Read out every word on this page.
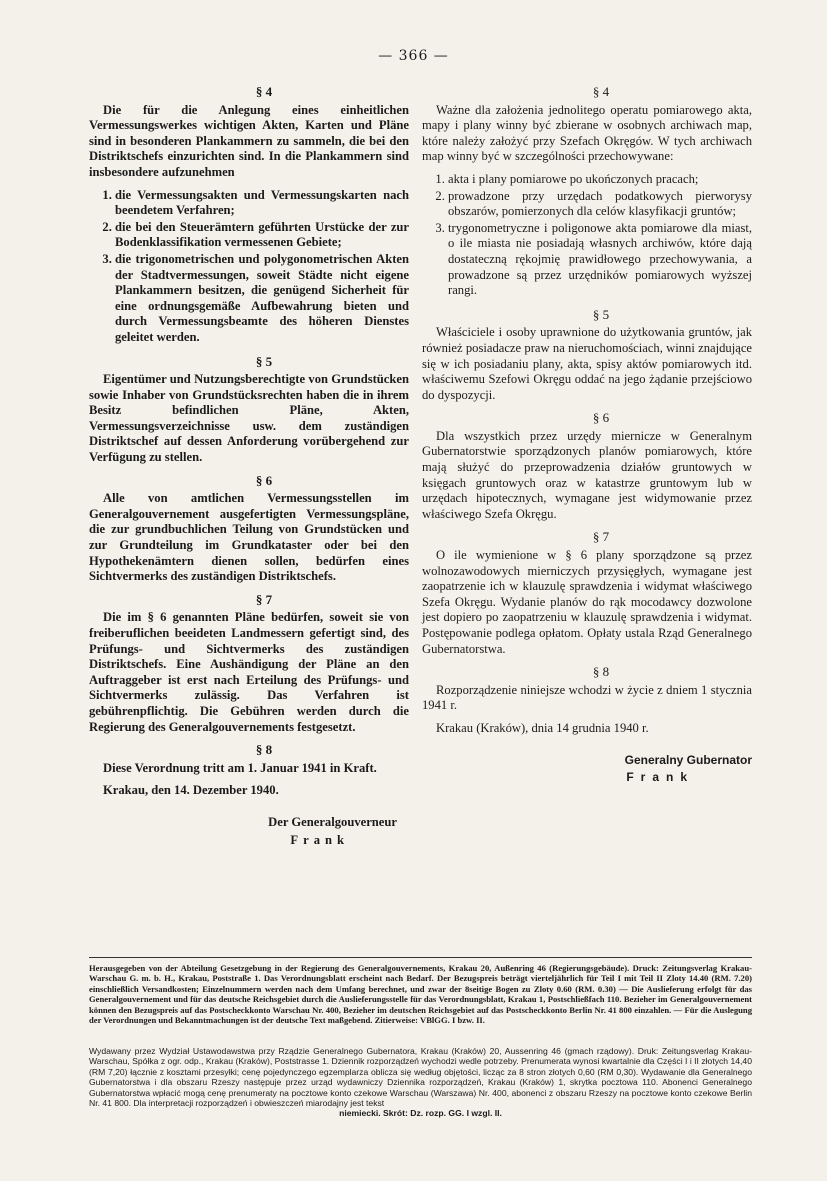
— 366 —
§ 4

Die für die Anlegung eines einheitlichen Vermessungswerkes wichtigen Akten, Karten und Pläne sind in besonderen Plankammern zu sammeln, die bei den Distriktschefs einzurichten sind. In die Plankammern sind insbesondere aufzunehmen

1. die Vermessungsakten und Vermessungskarten nach beendetem Verfahren;
2. die bei den Steuerämtern geführten Urstücke der zur Bodenklassifikation vermessenen Gebiete;
3. die trigonometrischen und polygonometrischen Akten der Stadtvermessungen, soweit Städte nicht eigene Plankammern besitzen, die genügend Sicherheit für eine ordnungsgemäße Aufbewahrung bieten und durch Vermessungsbeamte des höheren Dienstes geleitet werden.
§ 5

Eigentümer und Nutzungsberechtigte von Grundstücken sowie Inhaber von Grundstücksrechten haben die in ihrem Besitz befindlichen Pläne, Akten, Vermessungsverzeichnisse usw. dem zuständigen Distriktschef auf dessen Anforderung vorübergehend zur Verfügung zu stellen.

§ 6

Alle von amtlichen Vermessungsstellen im Generalgouvernement ausgefertigten Vermessungspläne, die zur grundbuchlichen Teilung von Grundstücken und zur Grundteilung im Grundkataster oder bei den Hypothekenämtern dienen sollen, bedürfen eines Sichtvermerks des zuständigen Distriktschefs.

§ 7

Die im § 6 genannten Pläne bedürfen, soweit sie von freiberuflichen beeideten Landmessern gefertigt sind, des Prüfungs- und Sichtvermerks des zuständigen Distriktschefs. Eine Aushändigung der Pläne an den Auftraggeber ist erst nach Erteilung des Prüfungs- und Sichtvermerks zulässig. Das Verfahren ist gebührenpflichtig. Die Gebühren werden durch die Regierung des Generalgouvernements festgesetzt.

§ 8

Diese Verordnung tritt am 1. Januar 1941 in Kraft.

Krakau, den 14. Dezember 1940.
Der Generalgouverneur
Frank
§ 4

Ważne dla założenia jednolitego operatu pomiarowego akta, mapy i plany winny być zbierane w osobnych archiwach map, które należy założyć przy Szefach Okręgów. W tych archiwach map winny być w szczególności przechowywane:

1. akta i plany pomiarowe po ukończonych pracach;
2. prowadzone przy urzędach podatkowych pierworysy obszarów, pomierzonych dla celów klasyfikacji gruntów;
3. trygonometryczne i poligonowe akta pomiarowe dla miast, o ile miasta nie posiadają własnych archiwów, które dają dostateczną rękojmię prawidłowego przechowywania, a prowadzone są przez urzędników pomiarowych wyższej rangi.
§ 5

Właściciele i osoby uprawnione do użytkowania gruntów, jak również posiadacze praw na nieruchomościach, winni znajdujące się w ich posiadaniu plany, akta, spisy aktów pomiarowych itd. właściwemu Szefowi Okręgu oddać na jego żądanie przejściowo do dyspozycji.

§ 6

Dla wszystkich przez urzędy miernicze w Generalnym Gubernatorstwie sporządzonych planów pomiarowych, które mają służyć do przeprowadzenia działów gruntowych w księgach gruntowych oraz w katastrze gruntowym lub w urzędach hipotecznych, wymagane jest widymowanie przez właściwego Szefa Okręgu.

§ 7

O ile wymienione w § 6 plany sporządzone są przez wolnozawodowych mierniczych przysięgłych, wymagane jest zaopatrzenie ich w klauzulę sprawdzenia i widymat właściwego Szefa Okręgu. Wydanie planów do rąk mocodawcy dozwolone jest dopiero po zaopatrzeniu w klauzulę sprawdzenia i widymat. Postępowanie podlega opłatom. Opłaty ustala Rząd Generalnego Gubernatorstwa.

§ 8

Rozporządzenie niniejsze wchodzi w życie z dniem 1 stycznia 1941 r.

Krakau (Kraków), dnia 14 grudnia 1940 r.
Generalny Gubernator
Frank
Herausgegeben von der Abteilung Gesetzgebung in der Regierung des Generalgouvernements, Krakau 20, Außenring 46 (Regierungsgebäude). Druck: Zeitungsverlag Krakau-Warschau G. m. b. H., Krakau, Poststraße 1. Das Verordnungsblatt erscheint nach Bedarf. Der Bezugspreis beträgt vierteljährlich für Teil I mit Teil II Zloty 14.40 (RM. 7.20) einschließlich Versandkosten; Einzelnummern werden nach dem Umfang berechnet, und zwar der 8seitige Bogen zu Zloty 0.60 (RM. 0.30) — Die Auslieferung erfolgt für das Generalgouvernement und für das deutsche Reichsgebiet durch die Auslieferungsstelle für das Verordnungsblatt, Krakau 1, Postschließfach 110. Bezieher im Generalgouvernement können den Bezugspreis auf das Postscheckkonto Warschau Nr. 400, Bezieher im deutschen Reichsgebiet auf das Postscheckkonto Berlin Nr. 41 800 einzahlen. — Für die Auslegung der Verordnungen und Bekanntmachungen ist der deutsche Text maßgebend. Zitierweise: VBlGG. I bzw. II.
Wydawany przez Wydział Ustawodawstwa przy Rządzie Generalnego Gubernatora, Krakau (Kraków) 20, Aussenring 46 (gmach rządowy). Druk: Zeitungsverlag Krakau-Warschau, Spółka z ogr. odp., Krakau (Kraków), Poststrasse 1. Dziennik rozporządzeń wychodzi wedle potrzeby. Prenumerata wynosi kwartalnie dla Części I i II złotych 14,40 (RM 7,20) łącznie z kosztami przesyłki; cenę pojedynczego egzemplarza oblicza się według objętości, licząc za 8 stron złotych 0,60 (RM 0,30). Wydawanie dla Generalnego Gubernatorstwa i dla obszaru Rzeszy następuje przez urząd wydawniczy Dziennika rozporządzeń, Krakau (Kraków) 1, skrytka pocztowa 110. Abonenci Generalnego Gubernatorstwa wpłacić mogą cenę prenumeraty na pocztowe konto czekowe Warschau (Warszawa) Nr. 400, abonenci z obszaru Rzeszy na pocztowe konto czekowe Berlin Nr. 41 800. Dla interpretacji rozporządzeń i obwieszczeń miarodajny jest tekst
niemiecki. Skrót: Dz. rozp. GG. I wzgl. II.
